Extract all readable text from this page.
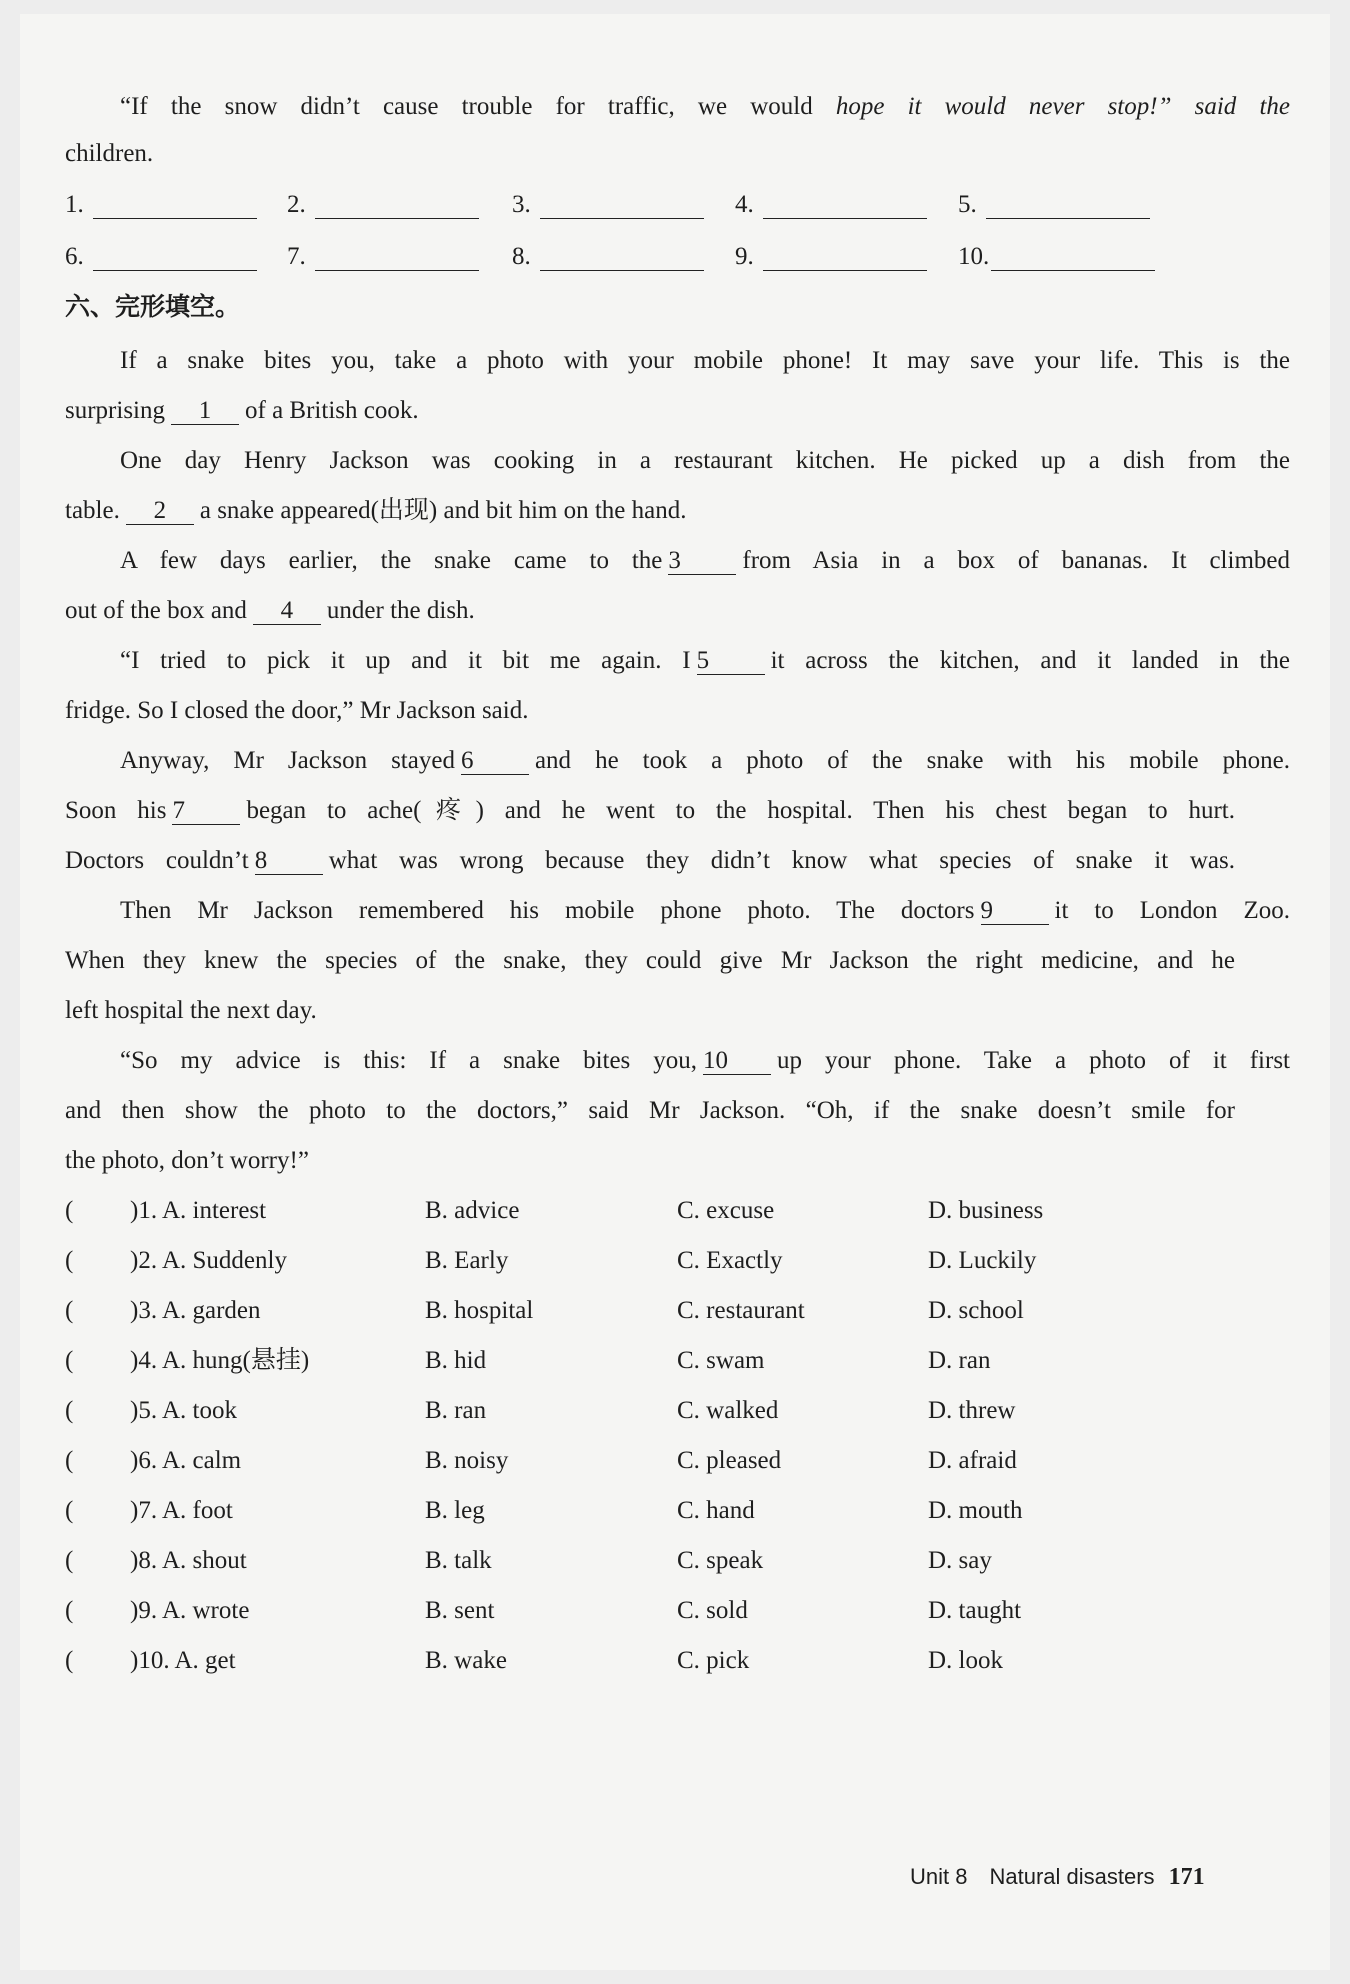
“If the snow didn’t cause trouble for traffic, we would hope it would never stop!” said the
children.
1.	2.	3.	4.	5.
6.	7.	8.	9.	10.
六、完形填空。
If a snake bites you, take a photo with your mobile phone! It may save your life. This is the
surprising 1 of a British cook.
One day Henry Jackson was cooking in a restaurant kitchen. He picked up a dish from the
table. 2 a snake appeared(出现) and bit him on the hand.
A few days earlier, the snake came to the 3 from Asia in a box of bananas. It climbed
out of the box and 4 under the dish.
“I tried to pick it up and it bit me again. I 5 it across the kitchen, and it landed in the
fridge. So I closed the door,” Mr Jackson said.
Anyway, Mr Jackson stayed 6 and he took a photo of the snake with his mobile phone.
Soon his 7 began to ache(疼) and he went to the hospital. Then his chest began to hurt.
Doctors couldn’t 8 what was wrong because they didn’t know what species of snake it was.
Then Mr Jackson remembered his mobile phone photo. The doctors 9 it to London Zoo.
When they knew the species of the snake, they could give Mr Jackson the right medicine, and he
left hospital the next day.
“So my advice is this: If a snake bites you, 10 up your phone. Take a photo of it first
and then show the photo to the doctors,” said Mr Jackson. “Oh, if the snake doesn’t smile for
the photo, don’t worry!”
( )1. A. interest	B. advice	C. excuse	D. business
( )2. A. Suddenly	B. Early	C. Exactly	D. Luckily
( )3. A. garden	B. hospital	C. restaurant	D. school
( )4. A. hung(悬挂)	B. hid	C. swam	D. ran
( )5. A. took	B. ran	C. walked	D. threw
( )6. A. calm	B. noisy	C. pleased	D. afraid
( )7. A. foot	B. leg	C. hand	D. mouth
( )8. A. shout	B. talk	C. speak	D. say
( )9. A. wrote	B. sent	C. sold	D. taught
( )10. A. get	B. wake	C. pick	D. look
Unit 8 Natural disasters 171
